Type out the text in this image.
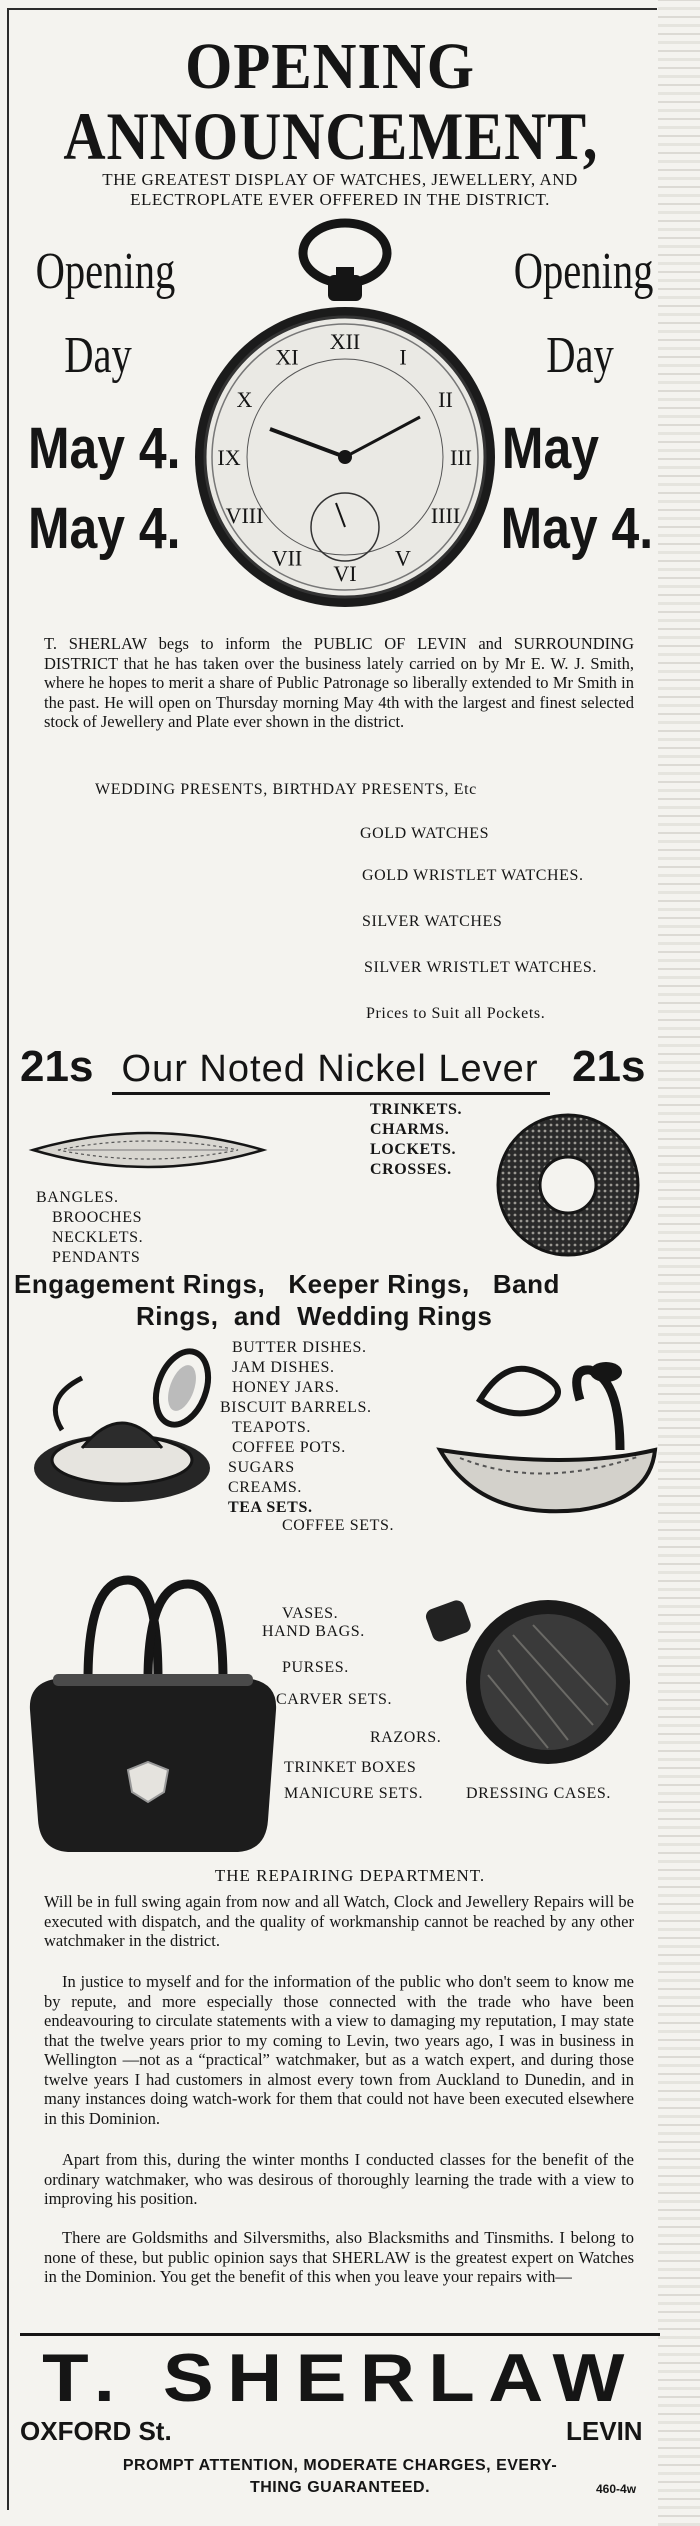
OPENING
ANNOUNCEMENT,
THE GREATEST DISPLAY OF WATCHES, JEWELLERY, AND
ELECTROPLATE EVER OFFERED IN THE DISTRICT.
Opening
Day
May 4.
May 4.
Opening
Day
May
May 4.
XII
I
II
III
IIII
V
VI
VII
VIII
IX
X
XI
T. SHERLAW begs to inform the PUBLIC OF LEVIN and SURROUNDING DISTRICT that he has taken over the business lately carried on by Mr E. W. J. Smith, where he hopes to merit a share of Public Patronage so liberally extended to Mr Smith in the past. He will open on Thursday morning May 4th with the largest and finest selected stock of Jewellery and Plate ever shown in the district.
WEDDING PRESENTS, BIRTHDAY PRESENTS, Etc
GOLD WATCHES
GOLD WRISTLET WATCHES.
SILVER WATCHES
SILVER WRISTLET WATCHES.
Prices to Suit all Pockets.
21s Our Noted Nickel Lever 21s
TRINKETS.
CHARMS.
LOCKETS.
CROSSES.
BANGLES.
BROOCHES
NECKLETS.
PENDANTS
Engagement Rings,   Keeper Rings,   Band
Rings,  and  Wedding Rings
BUTTER DISHES.
JAM DISHES.
HONEY JARS.
BISCUIT BARRELS.
TEAPOTS.
COFFEE POTS.
SUGARS
CREAMS.
TEA SETS.
COFFEE SETS.
VASES.
HAND BAGS.
PURSES.
CARVER SETS.
RAZORS.
TRINKET BOXES
MANICURE SETS.	DRESSING CASES.
THE REPAIRING DEPARTMENT.
Will be in full swing again from now and all Watch, Clock and Jewellery Repairs will be executed with dispatch, and the quality of workmanship cannot be reached by any other watchmaker in the district.
In justice to myself and for the information of the public who don't seem to know me by repute, and more especially those connected with the trade who have been endeavouring to circulate statements with a view to damaging my reputation, I may state that the twelve years prior to my coming to Levin, two years ago, I was in business in Wellington —not as a “practical” watchmaker, but as a watch expert, and during those twelve years I had customers in almost every town from Auckland to Dunedin, and in many instances doing watch-work for them that could not have been executed elsewhere in this Dominion.
Apart from this, during the winter months I conducted classes for the benefit of the ordinary watchmaker, who was desirous of thoroughly learning the trade with a view to improving his position.
There are Goldsmiths and Silversmiths, also Blacksmiths and Tinsmiths. I belong to none of these, but public opinion says that SHERLAW is the greatest expert on Watches in the Dominion. You get the benefit of this when you leave your repairs with—
T. SHERLAW
OXFORD St.	LEVIN
PROMPT ATTENTION, MODERATE CHARGES, EVERY-
THING GUARANTEED.	460-4w
